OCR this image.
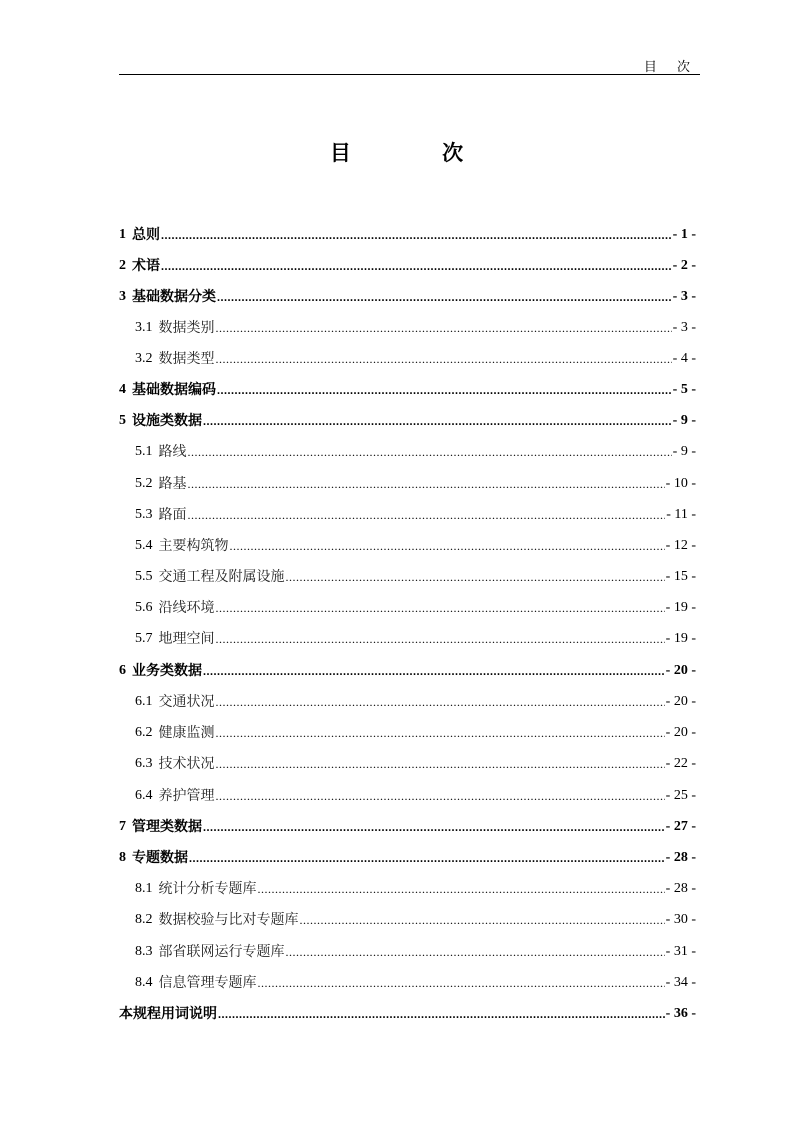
目 次
目 次
1 总则 .....	- 1 -
2 术语 .....	- 2 -
3 基础数据分类 .....	- 3 -
3.1 数据类别 .....	- 3 -
3.2 数据类型 .....	- 4 -
4 基础数据编码 .....	- 5 -
5 设施类数据 .....	- 9 -
5.1 路线 .....	- 9 -
5.2 路基 .....	- 10 -
5.3 路面 .....	- 11 -
5.4 主要构筑物 .....	- 12 -
5.5 交通工程及附属设施 .....	- 15 -
5.6 沿线环境 .....	- 19 -
5.7 地理空间 .....	- 19 -
6 业务类数据 .....	- 20 -
6.1 交通状况 .....	- 20 -
6.2 健康监测 .....	- 20 -
6.3 技术状况 .....	- 22 -
6.4 养护管理 .....	- 25 -
7 管理类数据 .....	- 27 -
8 专题数据 .....	- 28 -
8.1 统计分析专题库 .....	- 28 -
8.2 数据校验与比对专题库 .....	- 30 -
8.3 部省联网运行专题库 .....	- 31 -
8.4 信息管理专题库 .....	- 34 -
本规程用词说明 .....	- 36 -
